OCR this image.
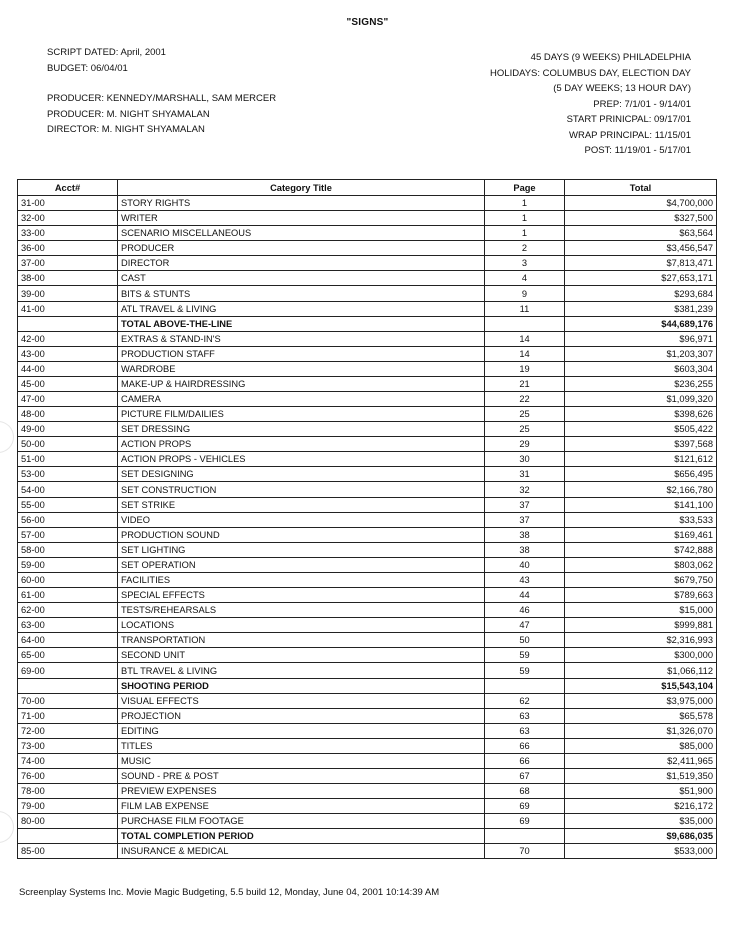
"SIGNS"
SCRIPT DATED: April, 2001
BUDGET: 06/04/01
PRODUCER: KENNEDY/MARSHALL, SAM MERCER
PRODUCER: M. NIGHT SHYAMALAN
DIRECTOR: M. NIGHT SHYAMALAN
45 DAYS (9 WEEKS) PHILADELPHIA
HOLIDAYS: COLUMBUS DAY, ELECTION DAY
(5 DAY WEEKS; 13 HOUR DAY)
PREP: 7/1/01 - 9/14/01
START PRINICPAL: 09/17/01
WRAP PRINCIPAL: 11/15/01
POST: 11/19/01 - 5/17/01
Acct#	Category Title	Page	Total
31-00	STORY RIGHTS	1	$4,700,000
32-00	WRITER	1	$327,500
33-00	SCENARIO MISCELLANEOUS	1	$63,564
36-00	PRODUCER	2	$3,456,547
37-00	DIRECTOR	3	$7,813,471
38-00	CAST	4	$27,653,171
39-00	BITS & STUNTS	9	$293,684
41-00	ATL TRAVEL & LIVING	11	$381,239
	TOTAL ABOVE-THE-LINE		$44,689,176
42-00	EXTRAS & STAND-IN'S	14	$96,971
43-00	PRODUCTION STAFF	14	$1,203,307
44-00	WARDROBE	19	$603,304
45-00	MAKE-UP & HAIRDRESSING	21	$236,255
47-00	CAMERA	22	$1,099,320
48-00	PICTURE FILM/DAILIES	25	$398,626
49-00	SET DRESSING	25	$505,422
50-00	ACTION PROPS	29	$397,568
51-00	ACTION PROPS - VEHICLES	30	$121,612
53-00	SET DESIGNING	31	$656,495
54-00	SET CONSTRUCTION	32	$2,166,780
55-00	SET STRIKE	37	$141,100
56-00	VIDEO	37	$33,533
57-00	PRODUCTION SOUND	38	$169,461
58-00	SET LIGHTING	38	$742,888
59-00	SET OPERATION	40	$803,062
60-00	FACILITIES	43	$679,750
61-00	SPECIAL EFFECTS	44	$789,663
62-00	TESTS/REHEARSALS	46	$15,000
63-00	LOCATIONS	47	$999,881
64-00	TRANSPORTATION	50	$2,316,993
65-00	SECOND UNIT	59	$300,000
69-00	BTL TRAVEL & LIVING	59	$1,066,112
	SHOOTING PERIOD		$15,543,104
70-00	VISUAL EFFECTS	62	$3,975,000
71-00	PROJECTION	63	$65,578
72-00	EDITING	63	$1,326,070
73-00	TITLES	66	$85,000
74-00	MUSIC	66	$2,411,965
76-00	SOUND - PRE & POST	67	$1,519,350
78-00	PREVIEW EXPENSES	68	$51,900
79-00	FILM LAB EXPENSE	69	$216,172
80-00	PURCHASE FILM FOOTAGE	69	$35,000
	TOTAL COMPLETION PERIOD		$9,686,035
85-00	INSURANCE & MEDICAL	70	$533,000
Screenplay Systems Inc. Movie Magic Budgeting, 5.5 build 12, Monday, June 04, 2001 10:14:39 AM
